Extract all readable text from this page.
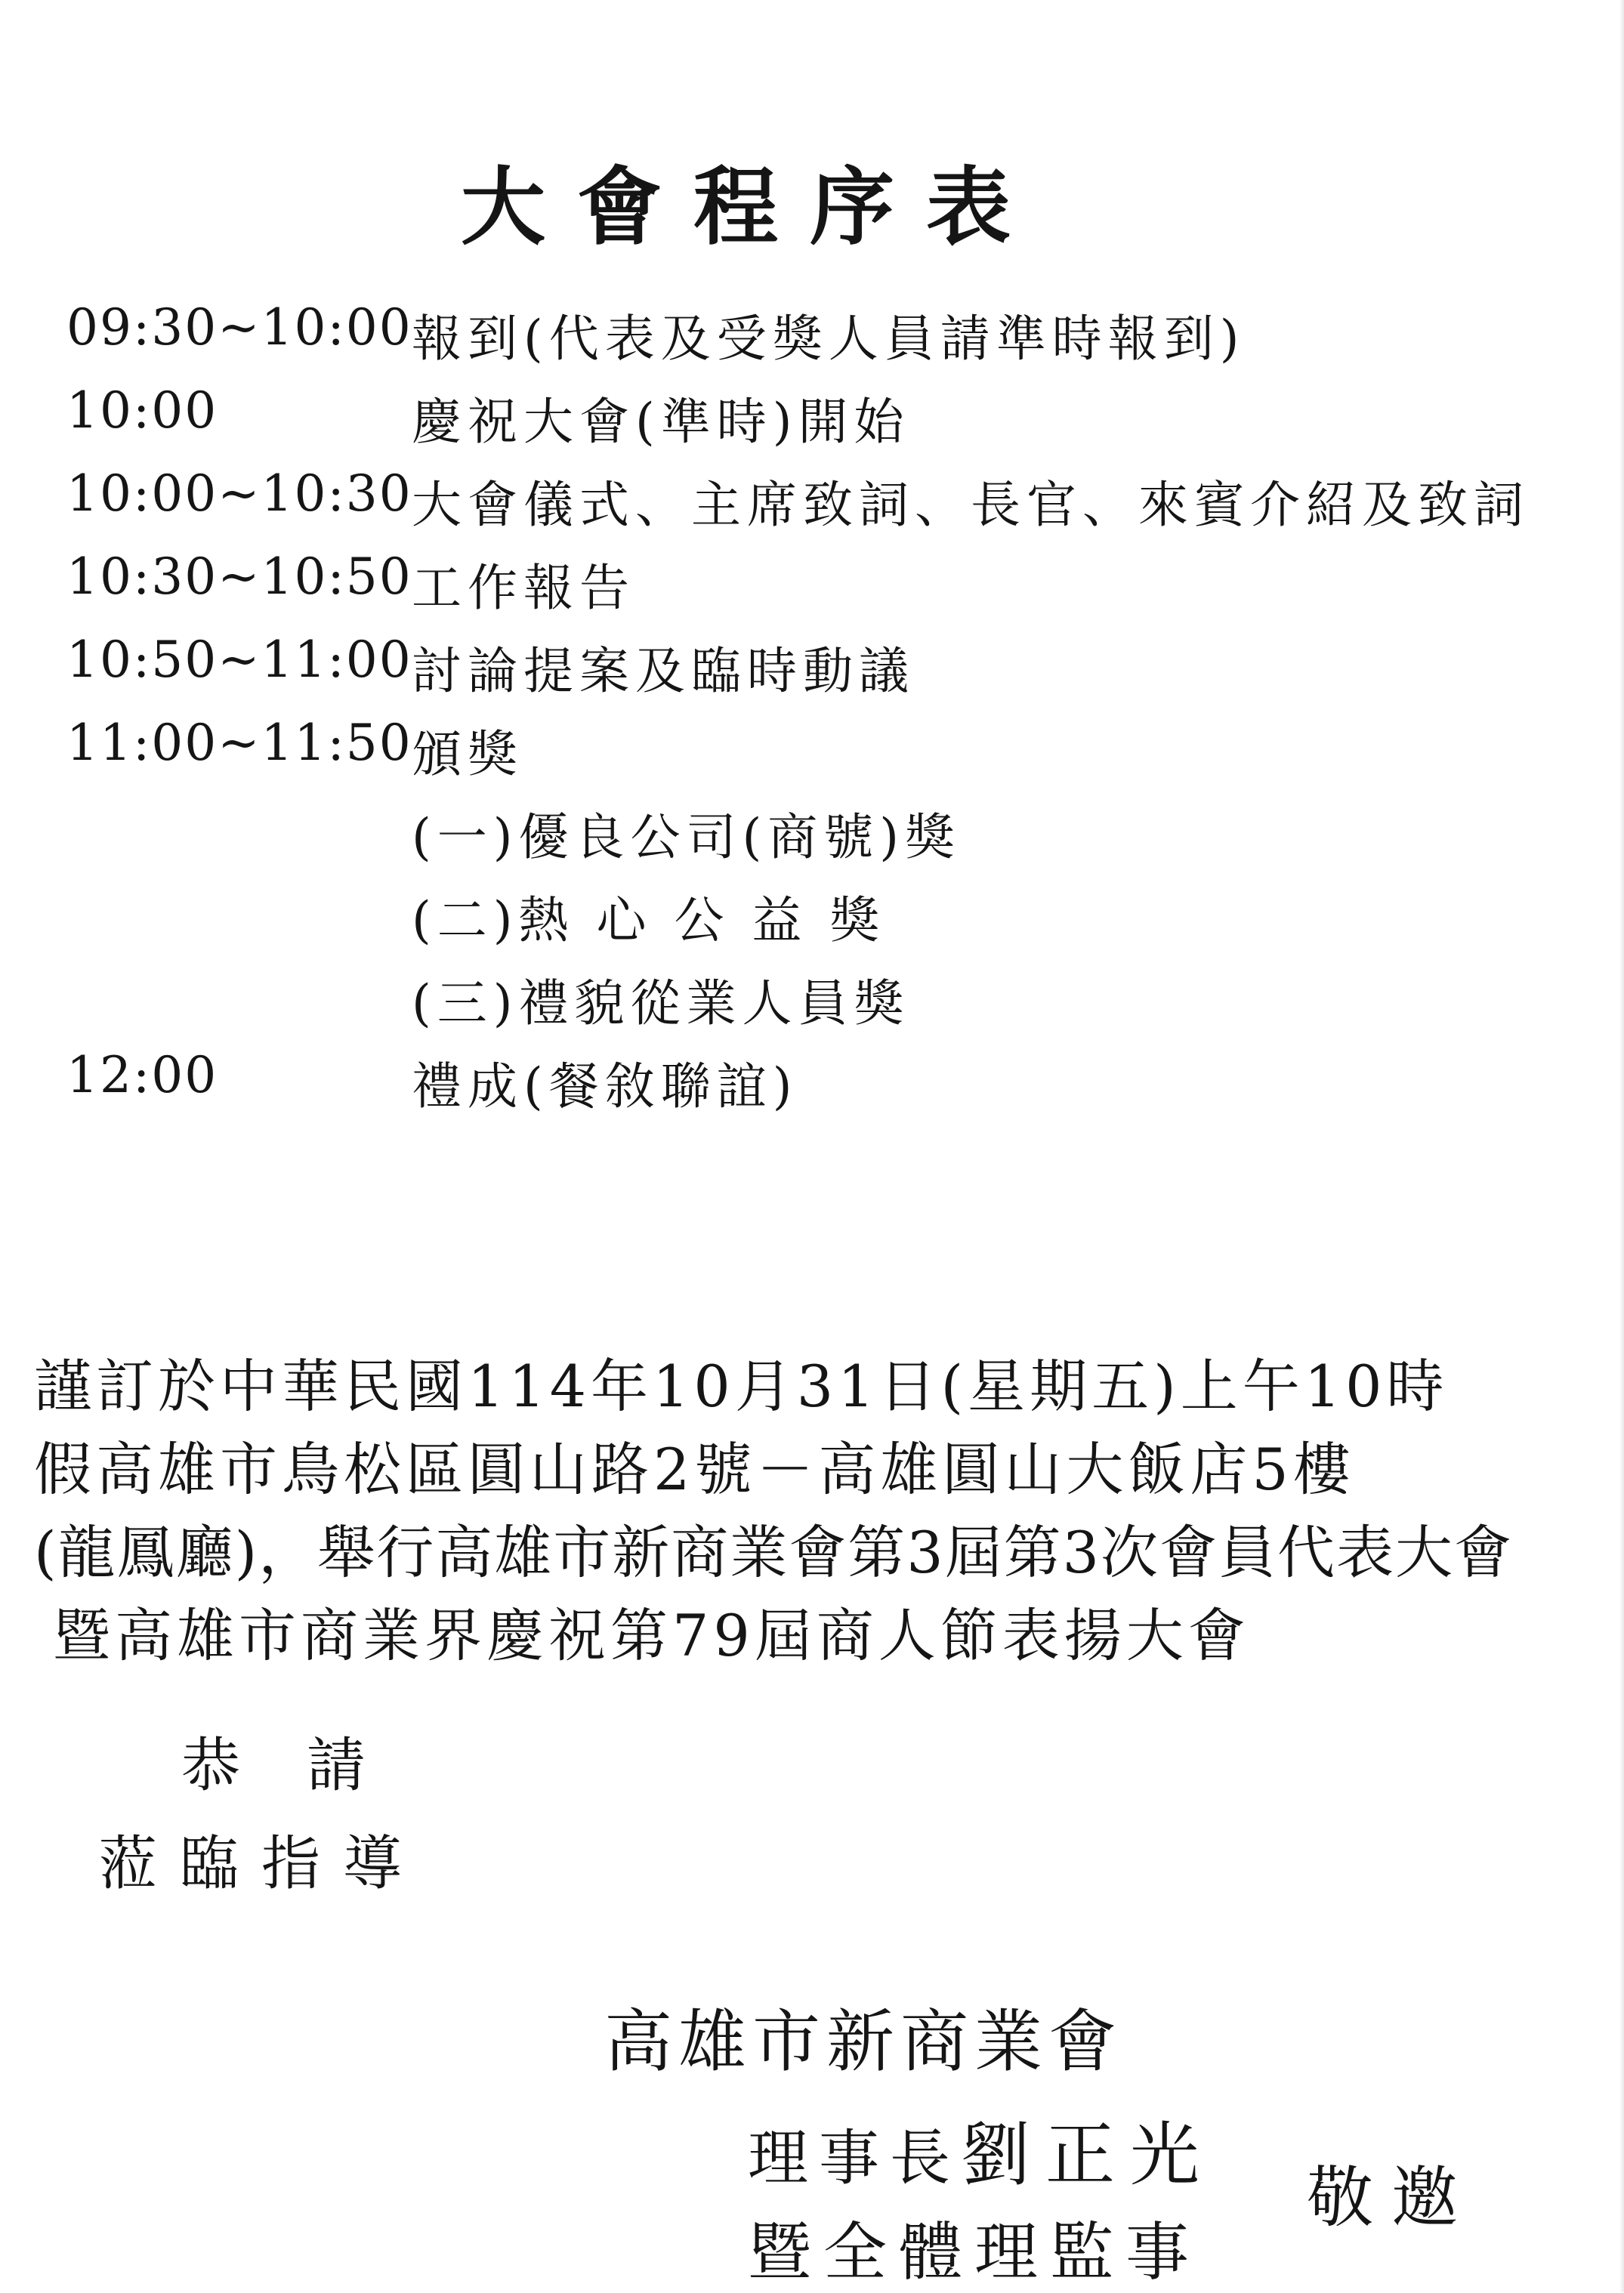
大會程序表
09:30~10:00 報到(代表及受獎人員請準時報到)
10:00	慶祝大會(準時)開始
10:00~10:30 大會儀式、主席致詞、長官、來賓介紹及致詞
10:30~10:50 工作報告
10:50~11:00 討論提案及臨時動議
11:00~11:50 頒獎
(一)優良公司(商號)獎
(二)熱 心 公 益 獎
(三)禮貌從業人員獎
12:00	禮成(餐敘聯誼)
謹訂於中華民國114年10月31日(星期五)上午10時
假高雄市鳥松區圓山路2號－高雄圓山大飯店5樓
(龍鳳廳)，舉行高雄市新商業會第3屆第3次會員代表大會
暨高雄市商業界慶祝第79屆商人節表揚大會
恭請
蒞臨指導
高雄市新商業會
理事長劉正光
暨全體理監事
敬邀
